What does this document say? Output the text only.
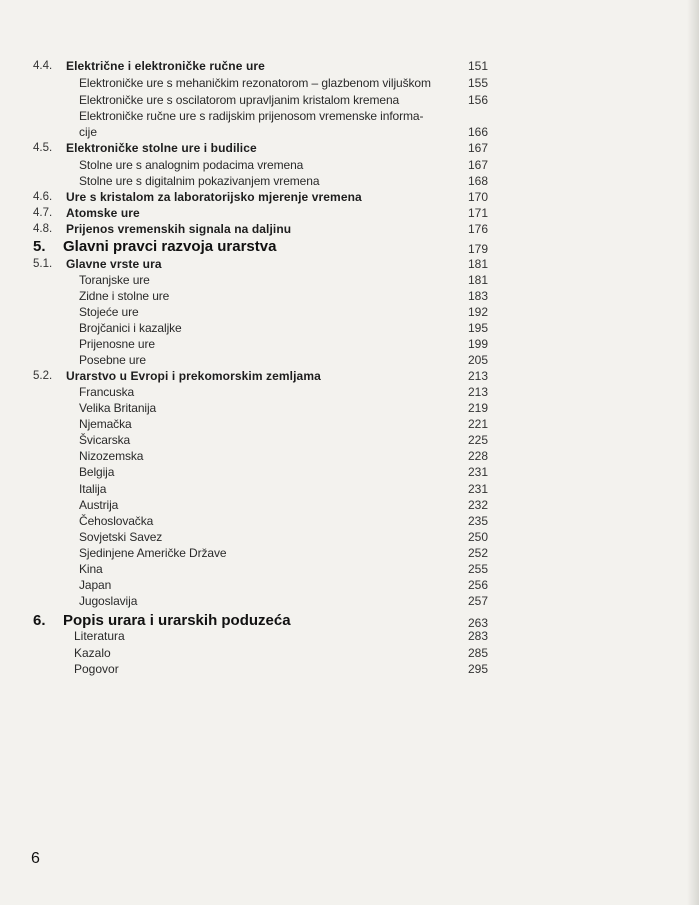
4.4. Električne i elektroničke ručne ure	151
Elektroničke ure s mehaničkim rezonatorom – glazbenom viljuškom	155
Elektroničke ure s oscilatorom upravljanim kristalom kremena	156
Elektroničke ručne ure s radijskim prijenosom vremenske informa-
cije	166
4.5. Elektroničke stolne ure i budilice	167
Stolne ure s analognim podacima vremena	167
Stolne ure s digitalnim pokazivanjem vremena	168
4.6. Ure s kristalom za laboratorijsko mjerenje vremena	170
4.7. Atomske ure	171
4.8. Prijenos vremenskih signala na daljinu	176
5. Glavni pravci razvoja urarstva	179
5.1. Glavne vrste ura	181
Toranjske ure	181
Zidne i stolne ure	183
Stojeće ure	192
Brojčanici i kazaljke	195
Prijenosne ure	199
Posebne ure	205
5.2. Urarstvo u Evropi i prekomorskim zemljama	213
Francuska	213
Velika Britanija	219
Njemačka	221
Švicarska	225
Nizozemska	228
Belgija	231
Italija	231
Austrija	232
Čehoslovačka	235
Sovjetski Savez	250
Sjedinjene Američke Države	252
Kina	255
Japan	256
Jugoslavija	257
6. Popis urara i urarskih poduzeća	263
Literatura	283
Kazalo	285
Pogovor	295
6
